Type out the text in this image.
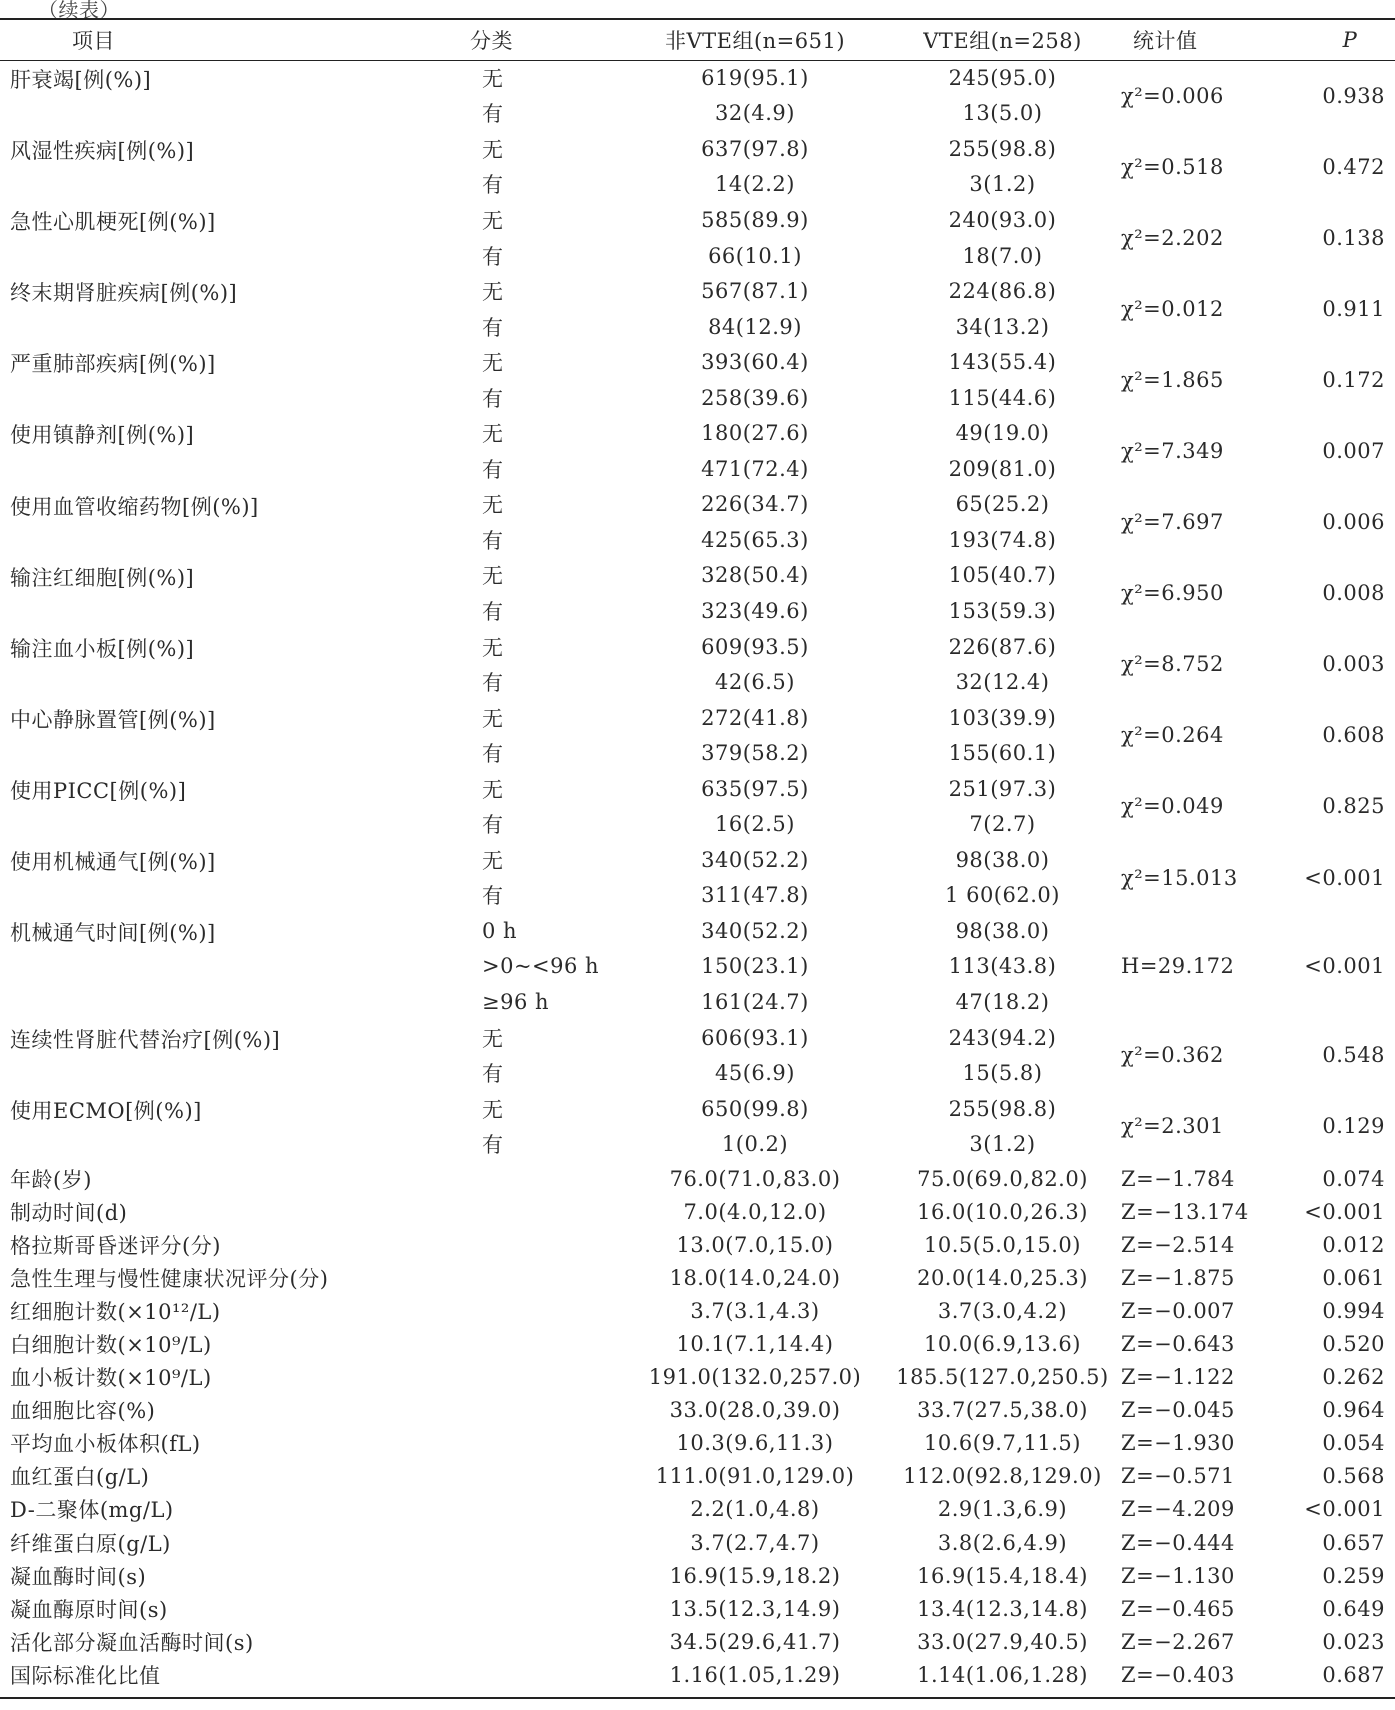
（续表）
项目	分类	非VTE组(n=651)	VTE组(n=258)	统计值	P
肝衰竭[例(%)]	无	619(95.1)	245(95.0)	χ²=0.006	0.938
	有	32(4.9)	13(5.0)		
风湿性疾病[例(%)]	无	637(97.8)	255(98.8)	χ²=0.518	0.472
	有	14(2.2)	3(1.2)		
急性心肌梗死[例(%)]	无	585(89.9)	240(93.0)	χ²=2.202	0.138
	有	66(10.1)	18(7.0)		
终末期肾脏疾病[例(%)]	无	567(87.1)	224(86.8)	χ²=0.012	0.911
	有	84(12.9)	34(13.2)		
严重肺部疾病[例(%)]	无	393(60.4)	143(55.4)	χ²=1.865	0.172
	有	258(39.6)	115(44.6)		
使用镇静剂[例(%)]	无	180(27.6)	49(19.0)	χ²=7.349	0.007
	有	471(72.4)	209(81.0)		
使用血管收缩药物[例(%)]	无	226(34.7)	65(25.2)	χ²=7.697	0.006
	有	425(65.3)	193(74.8)		
输注红细胞[例(%)]	无	328(50.4)	105(40.7)	χ²=6.950	0.008
	有	323(49.6)	153(59.3)		
输注血小板[例(%)]	无	609(93.5)	226(87.6)	χ²=8.752	0.003
	有	42(6.5)	32(12.4)		
中心静脉置管[例(%)]	无	272(41.8)	103(39.9)	χ²=0.264	0.608
	有	379(58.2)	155(60.1)		
使用PICC[例(%)]	无	635(97.5)	251(97.3)	χ²=0.049	0.825
	有	16(2.5)	7(2.7)		
使用机械通气[例(%)]	无	340(52.2)	98(38.0)	χ²=15.013	<0.001
	有	311(47.8)	1 60(62.0)		
机械通气时间[例(%)]	0 h	340(52.2)	98(38.0)	H=29.172	<0.001
	>0~<96 h	150(23.1)	113(43.8)		
	≥96 h	161(24.7)	47(18.2)		
连续性肾脏代替治疗[例(%)]	无	606(93.1)	243(94.2)	χ²=0.362	0.548
	有	45(6.9)	15(5.8)		
使用ECMO[例(%)]	无	650(99.8)	255(98.8)	χ²=2.301	0.129
	有	1(0.2)	3(1.2)		
年龄(岁)		76.0(71.0,83.0)	75.0(69.0,82.0)	Z=−1.784	0.074
制动时间(d)		7.0(4.0,12.0)	16.0(10.0,26.3)	Z=−13.174	<0.001
格拉斯哥昏迷评分(分)		13.0(7.0,15.0)	10.5(5.0,15.0)	Z=−2.514	0.012
急性生理与慢性健康状况评分(分)		18.0(14.0,24.0)	20.0(14.0,25.3)	Z=−1.875	0.061
红细胞计数(×10¹²/L)		3.7(3.1,4.3)	3.7(3.0,4.2)	Z=−0.007	0.994
白细胞计数(×10⁹/L)		10.1(7.1,14.4)	10.0(6.9,13.6)	Z=−0.643	0.520
血小板计数(×10⁹/L)		191.0(132.0,257.0)	185.5(127.0,250.5)	Z=−1.122	0.262
血细胞比容(%)		33.0(28.0,39.0)	33.7(27.5,38.0)	Z=−0.045	0.964
平均血小板体积(fL)		10.3(9.6,11.3)	10.6(9.7,11.5)	Z=−1.930	0.054
血红蛋白(g/L)		111.0(91.0,129.0)	112.0(92.8,129.0)	Z=−0.571	0.568
D-二聚体(mg/L)		2.2(1.0,4.8)	2.9(1.3,6.9)	Z=−4.209	<0.001
纤维蛋白原(g/L)		3.7(2.7,4.7)	3.8(2.6,4.9)	Z=−0.444	0.657
凝血酶时间(s)		16.9(15.9,18.2)	16.9(15.4,18.4)	Z=−1.130	0.259
凝血酶原时间(s)		13.5(12.3,14.9)	13.4(12.3,14.8)	Z=−0.465	0.649
活化部分凝血活酶时间(s)		34.5(29.6,41.7)	33.0(27.9,40.5)	Z=−2.267	0.023
国际标准化比值		1.16(1.05,1.29)	1.14(1.06,1.28)	Z=−0.403	0.687
